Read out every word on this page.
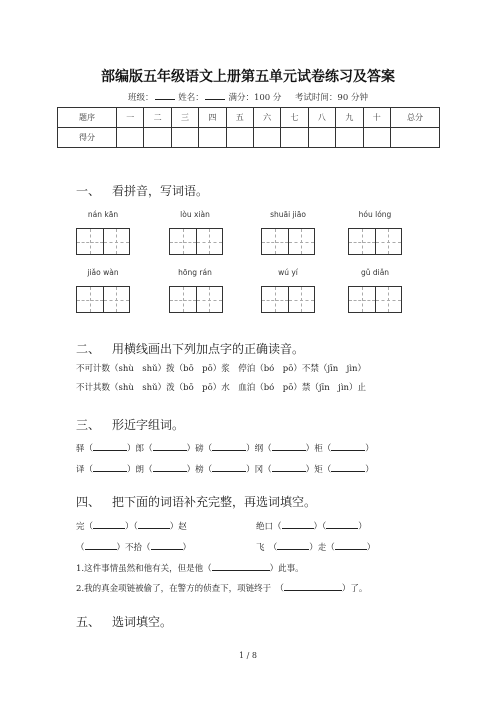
部编版五年级语文上册第五单元试卷练习及答案
班级：	姓名：	满分：100 分 考试时间：90 分钟
题序	一	二	三	四	五	六	七	八	九	十	总分
得分											
一、 看拼音，写词语。
nán kān	lòu xiàn	shuāi jiāo	hóu lóng
jiǎo wàn	hōng rán	wú yí	gǔ diǎn
二、 用横线画出下列加点字的正确读音。
不可计数（shù　shǔ）拨（bō　pō）浆　停泊（bó　pō）不禁（jīn　jìn）
不计其数（shù　shǔ）泼（bō　pō）水　血泊（bó　pō）禁（jīn　jìn）止
三、 形近字组词。
驿（	）郎（	）磅（	）纲（	）柜（	）
译（	）朗（	）榜（	）冈（	）矩（	）
四、 把下面的词语补充完整，再选词填空。
完（	）（	）赵	绝口（	）（	）
（	）不拾（	）	飞　（	）走（	）
1.这件事情虽然和他有关，但是他（	）此事。
2.我的真金项链被偷了，在警方的侦查下，项链终于　（	）了。
五、 选词填空。
1 / 8
